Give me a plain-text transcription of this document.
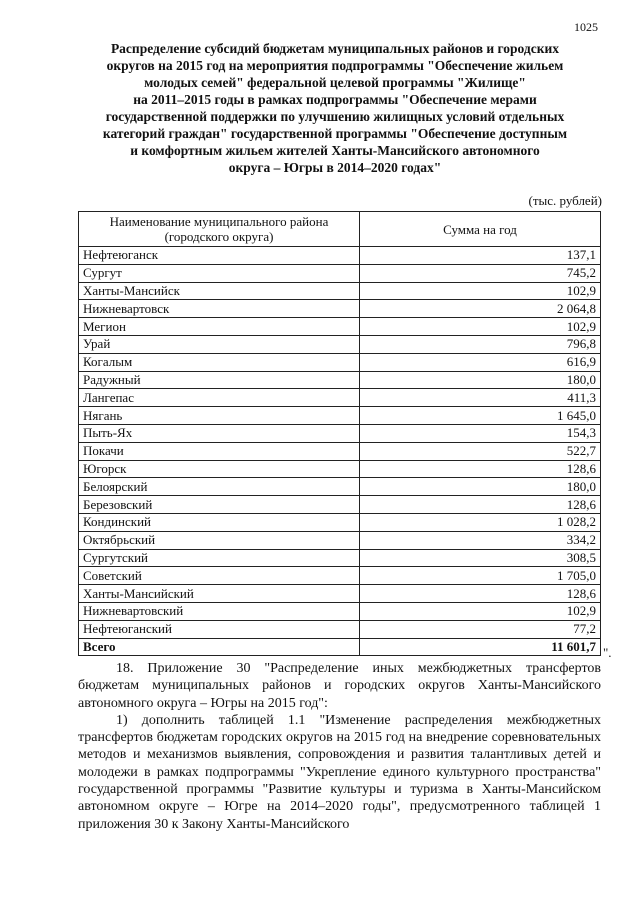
1025
Распределение субсидий бюджетам муниципальных районов и городских
округов на 2015 год на мероприятия подпрограммы "Обеспечение жильем
молодых семей" федеральной целевой программы "Жилище"
на 2011–2015 годы в рамках подпрограммы "Обеспечение мерами
государственной поддержки по улучшению жилищных условий отдельных
категорий граждан" государственной программы "Обеспечение доступным
и комфортным жильем жителей Ханты-Мансийского автономного
округа – Югры в 2014–2020 годах"
(тыс. рублей)
Наименование муниципального района (городского округа)	Сумма на год
Нефтеюганск	137,1
Сургут	745,2
Ханты-Мансийск	102,9
Нижневартовск	2 064,8
Мегион	102,9
Урай	796,8
Когалым	616,9
Радужный	180,0
Лангепас	411,3
Нягань	1 645,0
Пыть-Ях	154,3
Покачи	522,7
Югорск	128,6
Белоярский	180,0
Березовский	128,6
Кондинский	1 028,2
Октябрьский	334,2
Сургутский	308,5
Советский	1 705,0
Ханты-Мансийский	128,6
Нижневартовский	102,9
Нефтеюганский	77,2
Всего	11 601,7 ".

18. Приложение 30 "Распределение иных межбюджетных трансфертов бюджетам муниципальных районов и городских округов Ханты-Мансийского автономного округа – Югры на 2015 год":

1) дополнить таблицей 1.1 "Изменение распределения межбюджетных трансфертов бюджетам городских округов на 2015 год на внедрение соревновательных методов и механизмов выявления, сопровождения и развития талантливых детей и молодежи в рамках подпрограммы "Укрепление единого культурного пространства" государственной программы "Развитие культуры и туризма в Ханты-Мансийском автономном округе – Югре на 2014–2020 годы", предусмотренного таблицей 1 приложения 30 к Закону Ханты-Мансийского
